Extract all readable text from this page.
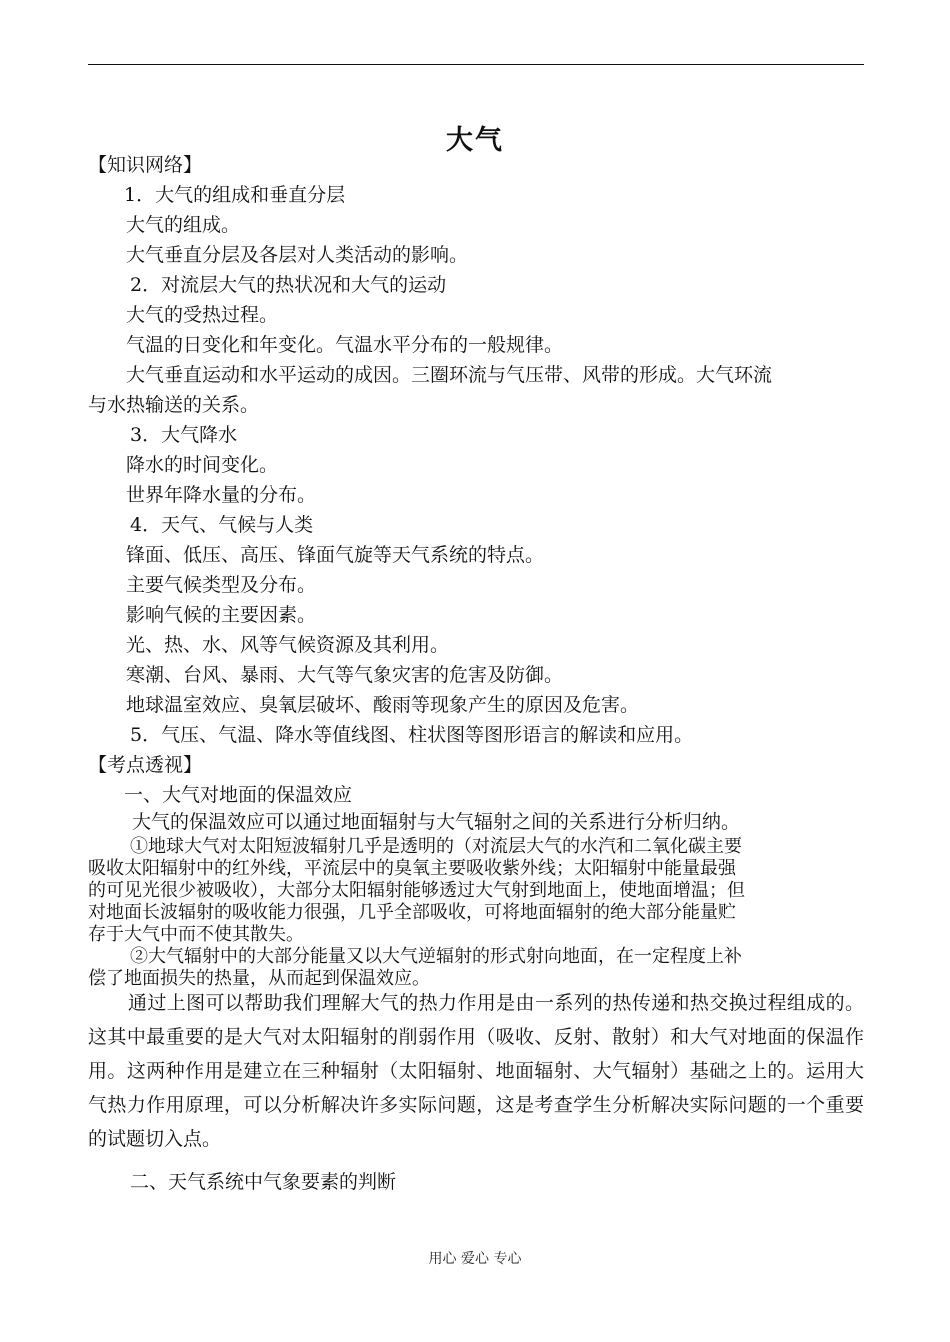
大气
【知识网络】
1．大气的组成和垂直分层
大气的组成。
大气垂直分层及各层对人类活动的影响。
2．对流层大气的热状况和大气的运动
大气的受热过程。
气温的日变化和年变化。气温水平分布的一般规律。
大气垂直运动和水平运动的成因。三圈环流与气压带、风带的形成。大气环流
与水热输送的关系。
3．大气降水
降水的时间变化。
世界年降水量的分布。
4．天气、气候与人类
锋面、低压、高压、锋面气旋等天气系统的特点。
主要气候类型及分布。
影响气候的主要因素。
光、热、水、风等气候资源及其利用。
寒潮、台风、暴雨、大气等气象灾害的危害及防御。
地球温室效应、臭氧层破坏、酸雨等现象产生的原因及危害。
5．气压、气温、降水等值线图、柱状图等图形语言的解读和应用。
【考点透视】
一、大气对地面的保温效应
大气的保温效应可以通过地面辐射与大气辐射之间的关系进行分析归纳。
①地球大气对太阳短波辐射几乎是透明的（对流层大气的水汽和二氧化碳主要
吸收太阳辐射中的红外线，平流层中的臭氧主要吸收紫外线；太阳辐射中能量最强
的可见光很少被吸收），大部分太阳辐射能够透过大气射到地面上，使地面增温；但
对地面长波辐射的吸收能力很强，几乎全部吸收，可将地面辐射的绝大部分能量贮
存于大气中而不使其散失。
②大气辐射中的大部分能量又以大气逆辐射的形式射向地面，在一定程度上补
偿了地面损失的热量，从而起到保温效应。
通过上图可以帮助我们理解大气的热力作用是由一系列的热传递和热交换过程组成的。这其中最重要的是大气对太阳辐射的削弱作用（吸收、反射、散射）和大气对地面的保温作用。这两种作用是建立在三种辐射（太阳辐射、地面辐射、大气辐射）基础之上的。运用大气热力作用原理，可以分析解决许多实际问题，这是考查学生分析解决实际问题的一个重要的试题切入点。
二、天气系统中气象要素的判断
用心 爱心 专心
